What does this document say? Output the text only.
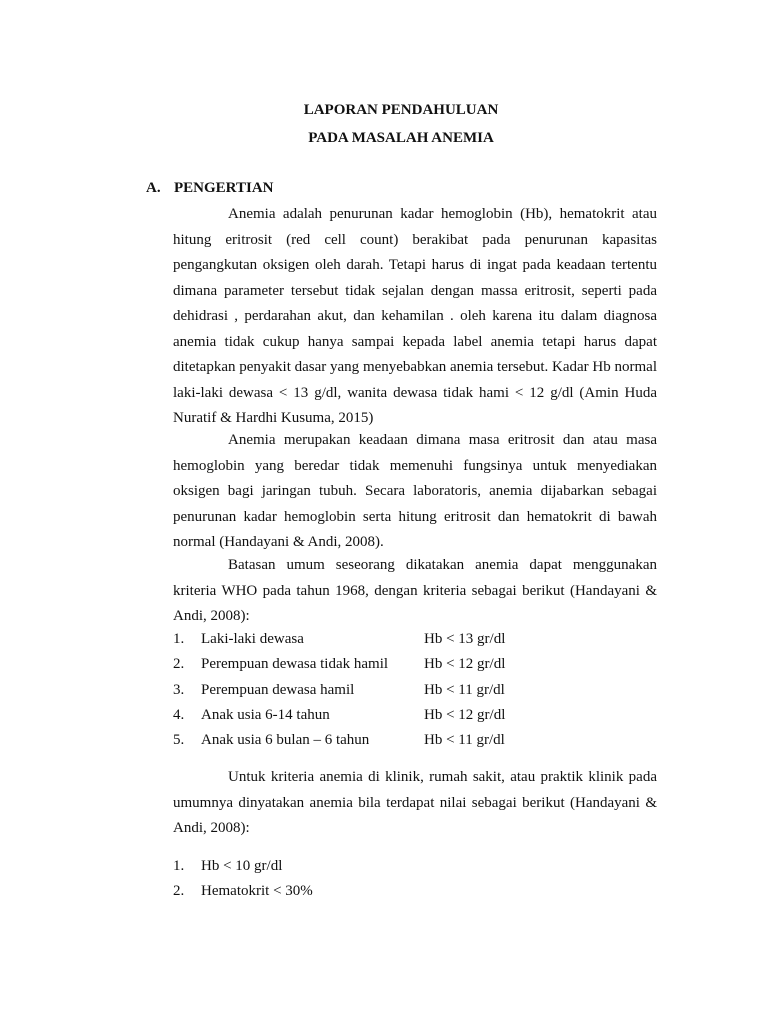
LAPORAN PENDAHULUAN
PADA MASALAH ANEMIA
A. PENGERTIAN

Anemia adalah penurunan kadar hemoglobin (Hb), hematokrit atau hitung eritrosit (red cell count) berakibat pada penurunan kapasitas pengangkutan oksigen oleh darah. Tetapi harus di ingat pada keadaan tertentu dimana parameter tersebut tidak sejalan dengan massa eritrosit, seperti pada dehidrasi , perdarahan akut, dan kehamilan . oleh karena itu dalam diagnosa anemia tidak cukup hanya sampai kepada label anemia tetapi harus dapat ditetapkan penyakit dasar yang menyebabkan anemia tersebut. Kadar Hb normal laki-laki dewasa < 13 g/dl, wanita dewasa tidak hami < 12 g/dl (Amin Huda Nuratif & Hardhi Kusuma, 2015)

Anemia merupakan keadaan dimana masa eritrosit dan atau masa hemoglobin yang beredar tidak memenuhi fungsinya untuk menyediakan oksigen bagi jaringan tubuh. Secara laboratoris, anemia dijabarkan sebagai penurunan kadar hemoglobin serta hitung eritrosit dan hematokrit di bawah normal (Handayani & Andi, 2008).

Batasan umum seseorang dikatakan anemia dapat menggunakan kriteria WHO pada tahun 1968, dengan kriteria sebagai berikut (Handayani & Andi, 2008):

1. Laki-laki dewasa	Hb < 13 gr/dl
2. Perempuan dewasa tidak hamil Hb < 12 gr/dl
3. Perempuan dewasa hamil	Hb < 11 gr/dl
4. Anak usia 6-14 tahun	Hb < 12 gr/dl
5. Anak usia 6 bulan – 6 tahun	Hb < 11 gr/dl

Untuk kriteria anemia di klinik, rumah sakit, atau praktik klinik pada umumnya dinyatakan anemia bila terdapat nilai sebagai berikut (Handayani & Andi, 2008):

1. Hb < 10 gr/dl
2. Hematokrit < 30%
